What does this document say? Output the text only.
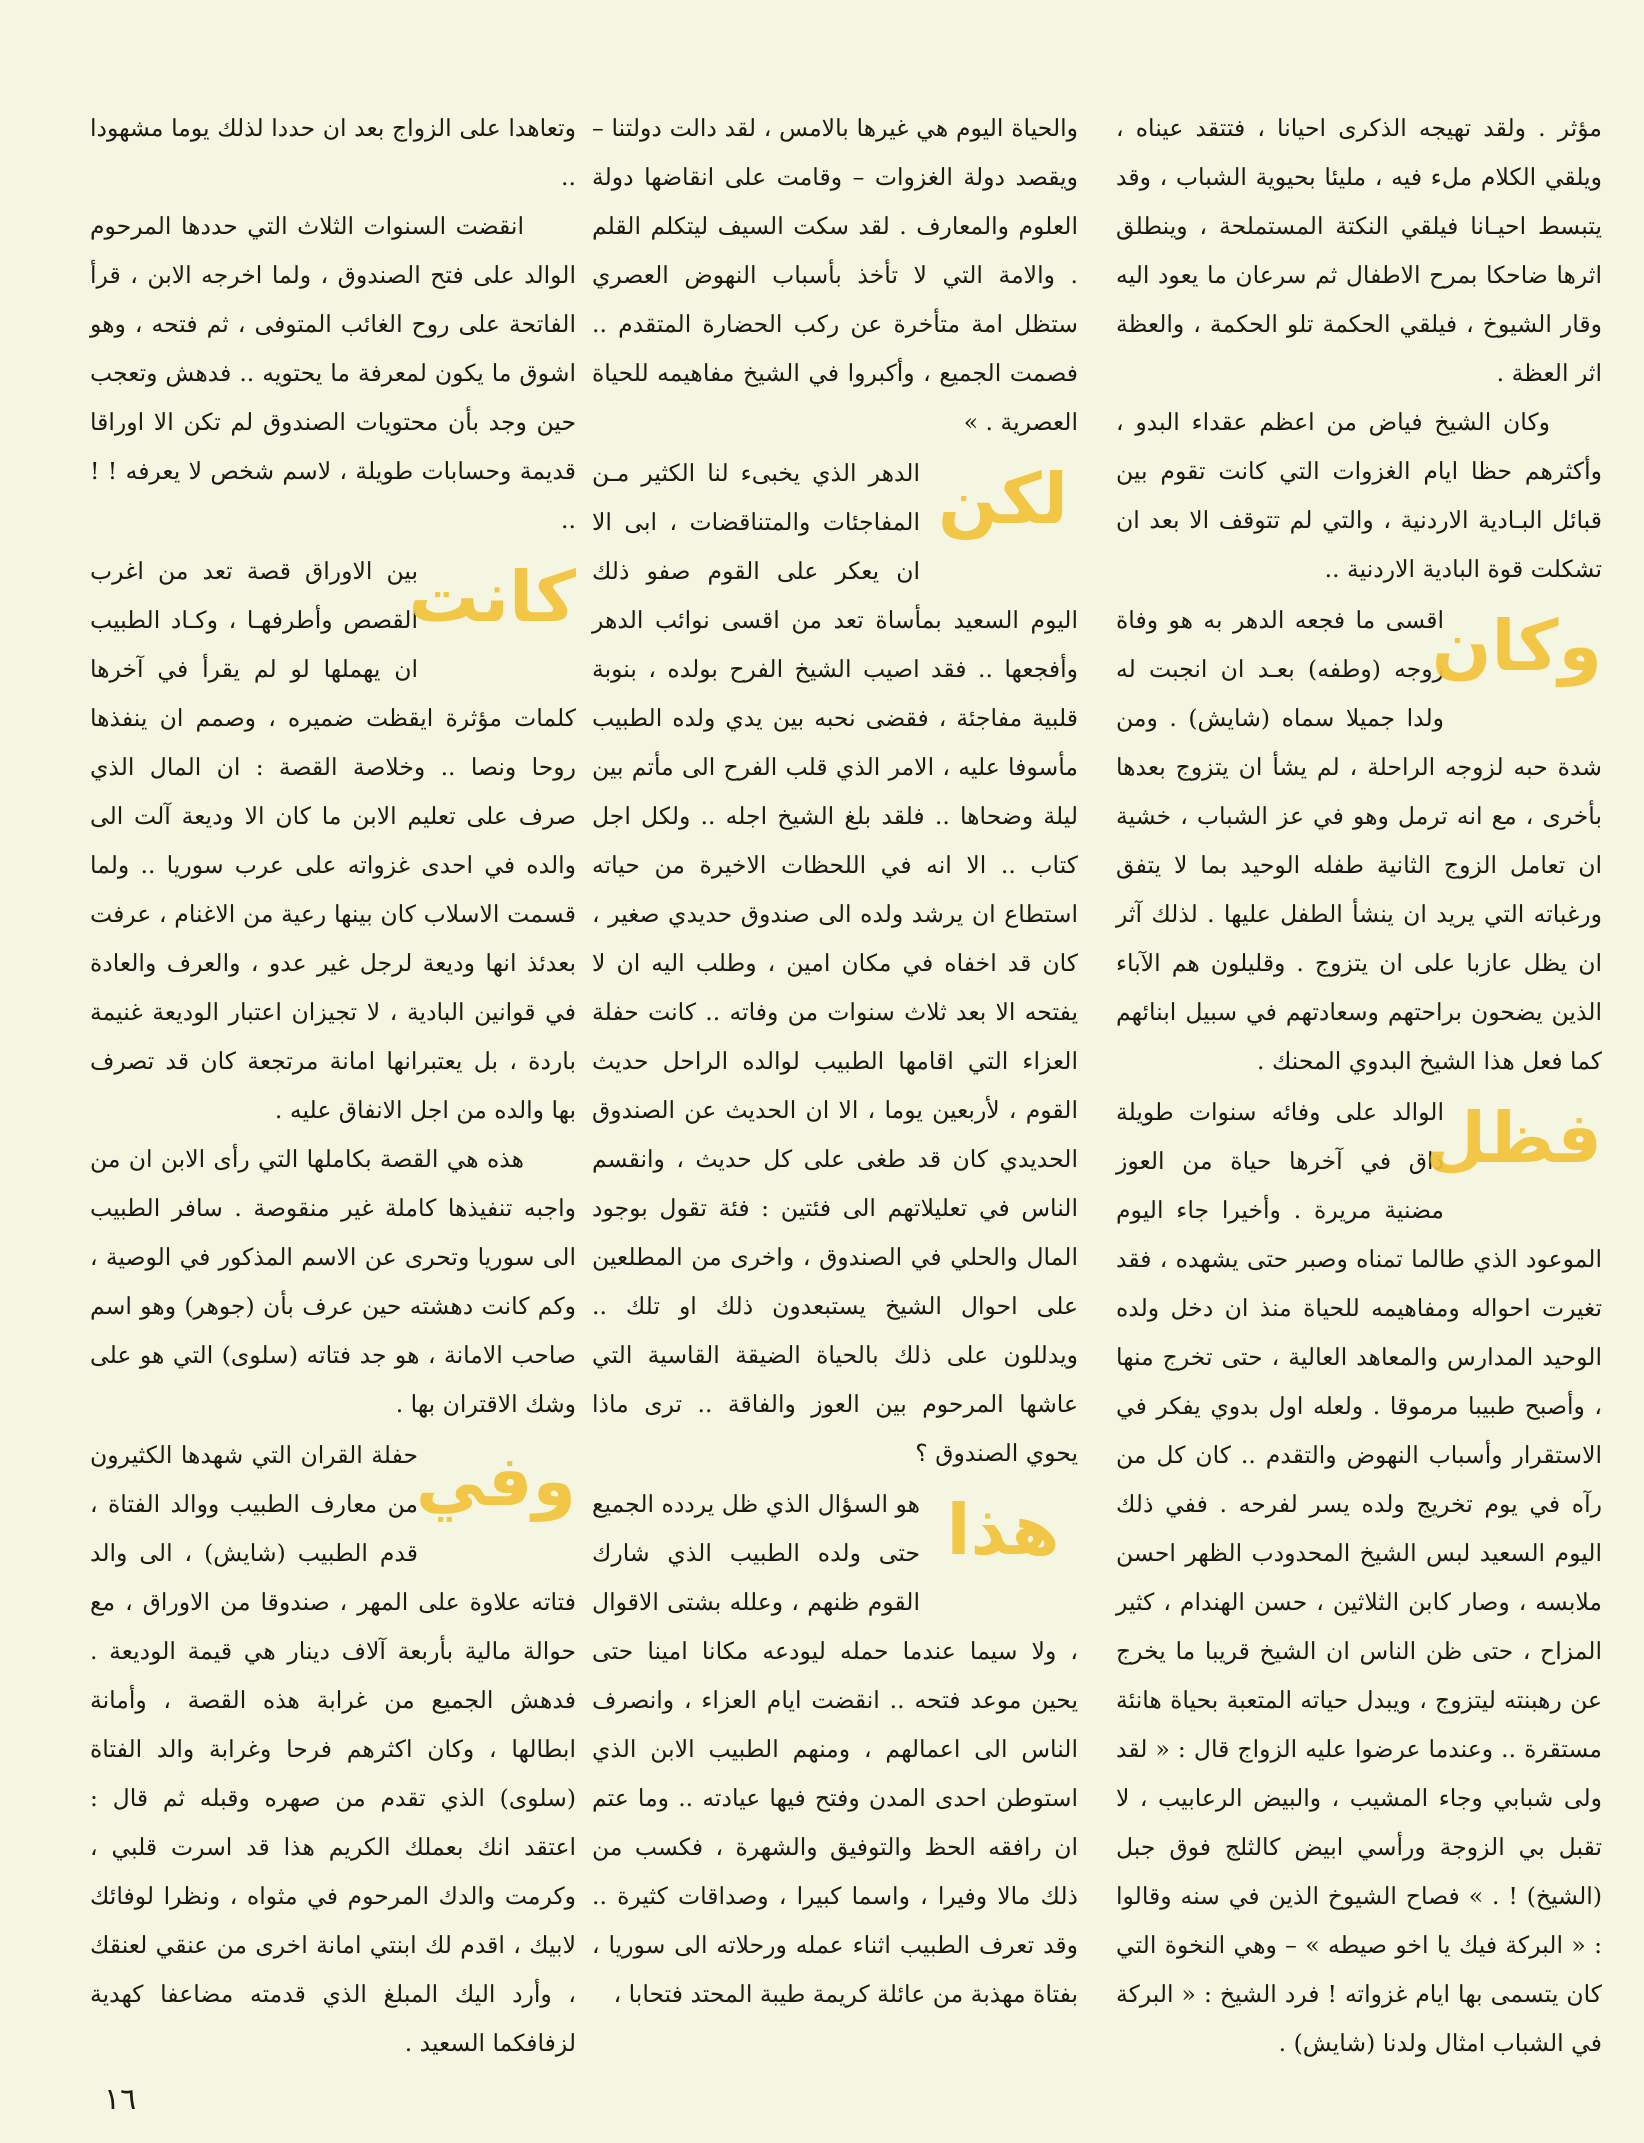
مؤثر . ولقد تهيجه الذكرى احيانا ، فتتقد عيناه ، ويلقي الكلام ملء فيه ، مليئا بحيوية الشباب ، وقد يتبسط احيـانا فيلقي النكتة المستملحة ، وينطلق اثرها ضاحكا بمرح الاطفال ثم سرعان ما يعود اليه وقار الشيوخ ، فيلقي الحكمة تلو الحكمة ، والعظة اثر العظة .

وكان الشيخ فياض من اعظم عقداء البدو ، وأكثرهم حظا ايام الغزوات التي كانت تقوم بين قبائل البـادية الاردنية ، والتي لم تتوقف الا بعد ان تشكلت قوة البادية الاردنية ..

وكان
اقسى ما فجعه الدهر به هو وفاة زوجه (وطفه) بعـد ان انجبت له ولدا جميلا سماه (شايش) . ومن شدة حبه لزوجه الراحلة ، لم يشأ ان يتزوج بعدها بأخرى ، مع انه ترمل وهو في عز الشباب ، خشية ان تعامل الزوج الثانية طفله الوحيد بما لا يتفق ورغباته التي يريد ان ينشأ الطفل عليها . لذلك آثر ان يظل عازبا على ان يتزوج . وقليلون هم الآباء الذين يضحون براحتهم وسعادتهم في سبيل ابنائهم كما فعل هذا الشيخ البدوي المحنك .
فظل
الوالد على وفائه سنوات طويلة ذاق في آخرها حياة من العوز مضنية مريرة . وأخيرا جاء اليوم الموعود الذي طالما تمناه وصبر حتى يشهده ، فقد تغيرت احواله ومفاهيمه للحياة منذ ان دخل ولده الوحيد المدارس والمعاهد العالية ، حتى تخرج منها ، وأصبح طبيبا مرموقا . ولعله اول بدوي يفكر في الاستقرار وأسباب النهوض والتقدم .. كان كل من رآه في يوم تخريج ولده يسر لفرحه . ففي ذلك اليوم السعيد لبس الشيخ المحدودب الظهر احسن ملابسه ، وصار كابن الثلاثين ، حسن الهندام ، كثير المزاح ، حتى ظن الناس ان الشيخ قريبا ما يخرج عن رهبنته ليتزوج ، ويبدل حياته المتعبة بحياة هانئة مستقرة .. وعندما عرضوا عليه الزواج قال : « لقد ولى شبابي وجاء المشيب ، والبيض الرعابيب ، لا تقبل بي الزوجة ورأسي ابيض كالثلج فوق جبل (الشيخ) ! . » فصاح الشيوخ الذين في سنه وقالوا : « البركة فيك يا اخو صيطه » – وهي النخوة التي كان يتسمى بها ايام غزواته ! فرد الشيخ : « البركة في الشباب امثال ولدنا (شايش) .

والحياة اليوم هي غيرها بالامس ، لقد دالت دولتنا – ويقصد دولة الغزوات – وقامت على انقاضها دولة العلوم والمعارف . لقد سكت السيف ليتكلم القلم . والامة التي لا تأخذ بأسباب النهوض العصري ستظل امة متأخرة عن ركب الحضارة المتقدم .. فصمت الجميع ، وأكبروا في الشيخ مفاهيمه للحياة العصرية . »

لكن
الدهر الذي يخبىء لنا الكثير مـن المفاجئات والمتناقضات ، ابى الا ان يعكر على القوم صفو ذلك اليوم السعيد بمأساة تعد من اقسى نوائب الدهر وأفجعها .. فقد اصيب الشيخ الفرح بولده ، بنوبة قلبية مفاجئة ، فقضى نحبه بين يدي ولده الطبيب مأسوفا عليه ، الامر الذي قلب الفرح الى مأتم بين ليلة وضحاها .. فلقد بلغ الشيخ اجله .. ولكل اجل كتاب .. الا انه في اللحظات الاخيرة من حياته استطاع ان يرشد ولده الى صندوق حديدي صغير ، كان قد اخفاه في مكان امين ، وطلب اليه ان لا يفتحه الا بعد ثلاث سنوات من وفاته .. كانت حفلة العزاء التي اقامها الطبيب لوالده الراحل حديث القوم ، لأربعين يوما ، الا ان الحديث عن الصندوق الحديدي كان قد طغى على كل حديث ، وانقسم الناس في تعليلاتهم الى فئتين : فئة تقول بوجود المال والحلي في الصندوق ، واخرى من المطلعين على احوال الشيخ يستبعدون ذلك او تلك .. ويدللون على ذلك بالحياة الضيقة القاسية التي عاشها المرحوم بين العوز والفاقة .. ترى ماذا يحوي الصندوق ؟
هذا
هو السؤال الذي ظل يردده الجميع حتى ولده الطبيب الذي شارك القوم ظنهم ، وعلله بشتى الاقوال ، ولا سيما عندما حمله ليودعه مكانا امينا حتى يحين موعد فتحه .. انقضت ايام العزاء ، وانصرف الناس الى اعمالهم ، ومنهم الطبيب الابن الذي استوطن احدى المدن وفتح فيها عيادته .. وما عتم ان رافقه الحظ والتوفيق والشهرة ، فكسب من ذلك مالا وفيرا ، واسما كبيرا ، وصداقات كثيرة .. وقد تعرف الطبيب اثناء عمله ورحلاته الى سوريا ، بفتاة مهذبة من عائلة كريمة طيبة المحتد فتحابا ،

وتعاهدا على الزواج بعد ان حددا لذلك يوما مشهودا ..

انقضت السنوات الثلاث التي حددها المرحوم الوالد على فتح الصندوق ، ولما اخرجه الابن ، قرأ الفاتحة على روح الغائب المتوفى ، ثم فتحه ، وهو اشوق ما يكون لمعرفة ما يحتويه .. فدهش وتعجب حين وجد بأن محتويات الصندوق لم تكن الا اوراقا قديمة وحسابات طويلة ، لاسم شخص لا يعرفه ! ! ..

كانت
بين الاوراق قصة تعد من اغرب القصص وأطرفهـا ، وكـاد الطبيب ان يهملها لو لم يقرأ في آخرها كلمات مؤثرة ايقظت ضميره ، وصمم ان ينفذها روحا ونصا .. وخلاصة القصة : ان المال الذي صرف على تعليم الابن ما كان الا وديعة آلت الى والده في احدى غزواته على عرب سوريا .. ولما قسمت الاسلاب كان بينها رعية من الاغنام ، عرفت بعدئذ انها وديعة لرجل غير عدو ، والعرف والعادة في قوانين البادية ، لا تجيزان اعتبار الوديعة غنيمة باردة ، بل يعتبرانها امانة مرتجعة كان قد تصرف بها والده من اجل الانفاق عليه .

هذه هي القصة بكاملها التي رأى الابن ان من واجبه تنفيذها كاملة غير منقوصة . سافر الطبيب الى سوريا وتحرى عن الاسم المذكور في الوصية ، وكم كانت دهشته حين عرف بأن (جوهر) وهو اسم صاحب الامانة ، هو جد فتاته (سلوى) التي هو على وشك الاقتران بها .

وفي
حفلة القران التي شهدها الكثيرون من معارف الطبيب ووالد الفتاة ، قدم الطبيب (شايش) ، الى والد فتاته علاوة على المهر ، صندوقا من الاوراق ، مع حوالة مالية بأربعة آلاف دينار هي قيمة الوديعة . فدهش الجميع من غرابة هذه القصة ، وأمانة ابطالها ، وكان اكثرهم فرحا وغرابة والد الفتاة (سلوى) الذي تقدم من صهره وقبله ثم قال : اعتقد انك بعملك الكريم هذا قد اسرت قلبي ، وكرمت والدك المرحوم في مثواه ، ونظرا لوفائك لابيك ، اقدم لك ابنتي امانة اخرى من عنقي لعنقك ، وأرد اليك المبلغ الذي قدمته مضاعفا كهدية لزفافكما السعيد .
١٦
